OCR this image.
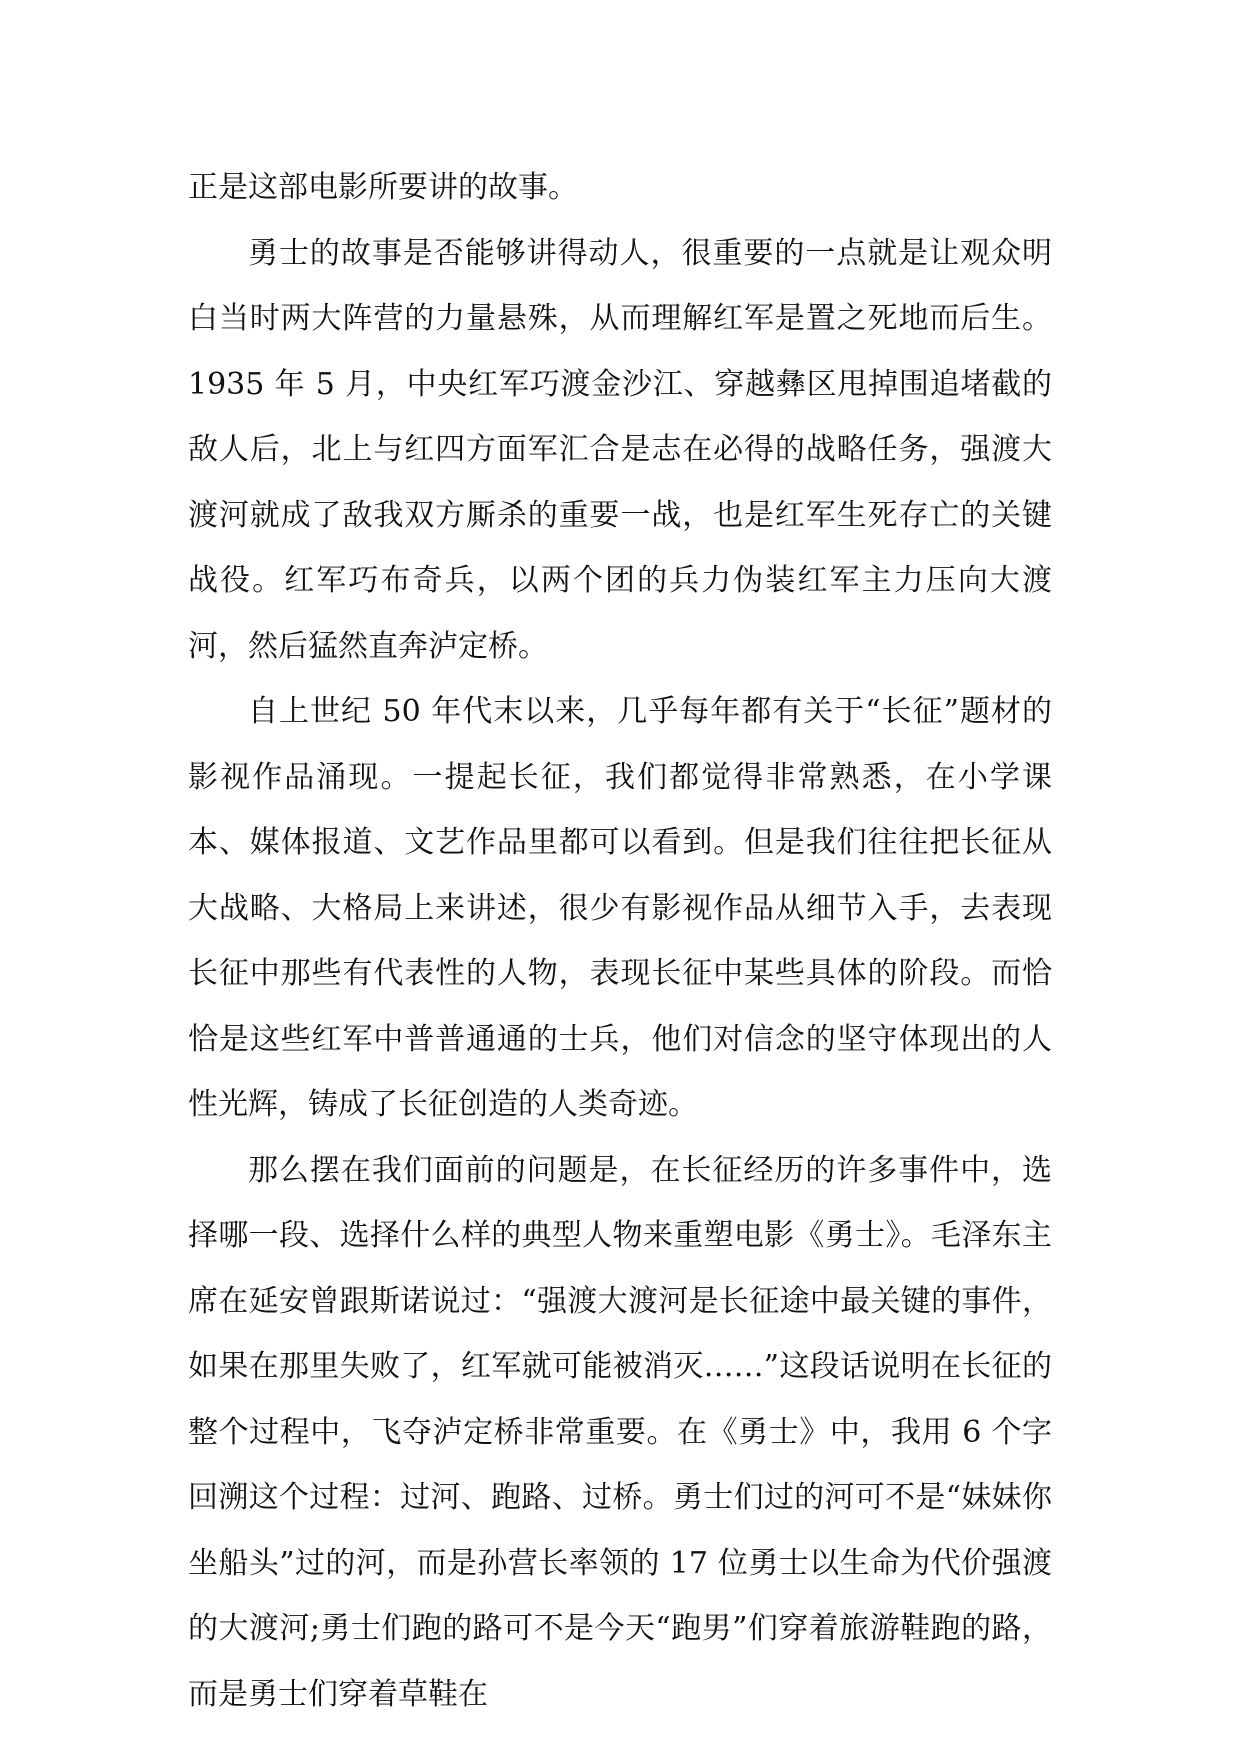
正是这部电影所要讲的故事。

勇士的故事是否能够讲得动人，很重要的一点就是让观众明白当时两大阵营的力量悬殊，从而理解红军是置之死地而后生。1935 年 5 月，中央红军巧渡金沙江、穿越彝区甩掉围追堵截的敌人后，北上与红四方面军汇合是志在必得的战略任务，强渡大渡河就成了敌我双方厮杀的重要一战，也是红军生死存亡的关键战役。红军巧布奇兵，以两个团的兵力伪装红军主力压向大渡河，然后猛然直奔泸定桥。

自上世纪 50 年代末以来，几乎每年都有关于“长征”题材的影视作品涌现。一提起长征，我们都觉得非常熟悉，在小学课本、媒体报道、文艺作品里都可以看到。但是我们往往把长征从大战略、大格局上来讲述，很少有影视作品从细节入手，去表现长征中那些有代表性的人物，表现长征中某些具体的阶段。而恰恰是这些红军中普普通通的士兵，他们对信念的坚守体现出的人性光辉，铸成了长征创造的人类奇迹。

那么摆在我们面前的问题是，在长征经历的许多事件中，选择哪一段、选择什么样的典型人物来重塑电影《勇士》。毛泽东主席在延安曾跟斯诺说过：“强渡大渡河是长征途中最关键的事件，如果在那里失败了，红军就可能被消灭……”这段话说明在长征的整个过程中，飞夺泸定桥非常重要。在《勇士》中，我用 6 个字回溯这个过程：过河、跑路、过桥。勇士们过的河可不是“妹妹你坐船头”过的河，而是孙营长率领的 17 位勇士以生命为代价强渡的大渡河;勇士们跑的路可不是今天“跑男”们穿着旅游鞋跑的路，而是勇士们穿着草鞋在
